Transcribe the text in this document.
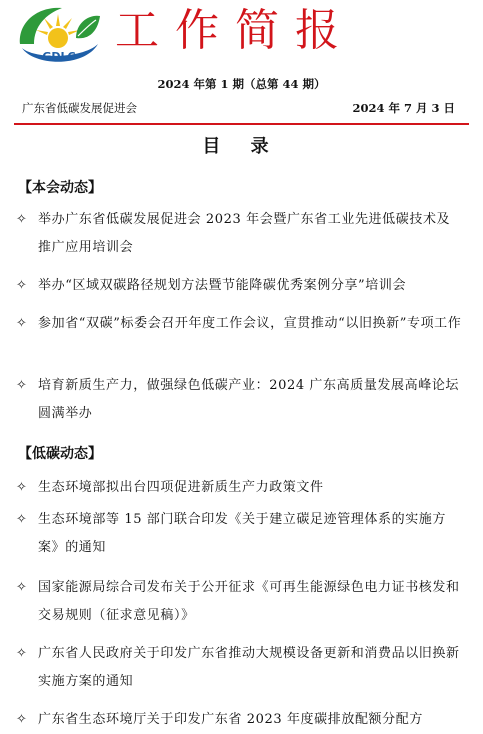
GDLC
工作简报
2024 年第 1 期（总第 44 期）
广东省低碳发展促进会	2024 年 7 月 3 日
目 录
【本会动态】
✧ 举办广东省低碳发展促进会 2023 年会暨广东省工业先进低碳技术及推广应用培训会
✧ 举办“区域双碳路径规划方法暨节能降碳优秀案例分享”培训会
✧ 参加省“双碳”标委会召开年度工作会议，宣贯推动“以旧换新”专项工作
✧ 培育新质生产力，做强绿色低碳产业：2024 广东高质量发展高峰论坛圆满举办
【低碳动态】
✧ 生态环境部拟出台四项促进新质生产力政策文件
✧ 生态环境部等 15 部门联合印发《关于建立碳足迹管理体系的实施方案》的通知
✧ 国家能源局综合司发布关于公开征求《可再生能源绿色电力证书核发和交易规则（征求意见稿）》
✧ 广东省人民政府关于印发广东省推动大规模设备更新和消费品以旧换新实施方案的通知
✧ 广东省生态环境厅关于印发广东省 2023 年度碳排放配额分配方
